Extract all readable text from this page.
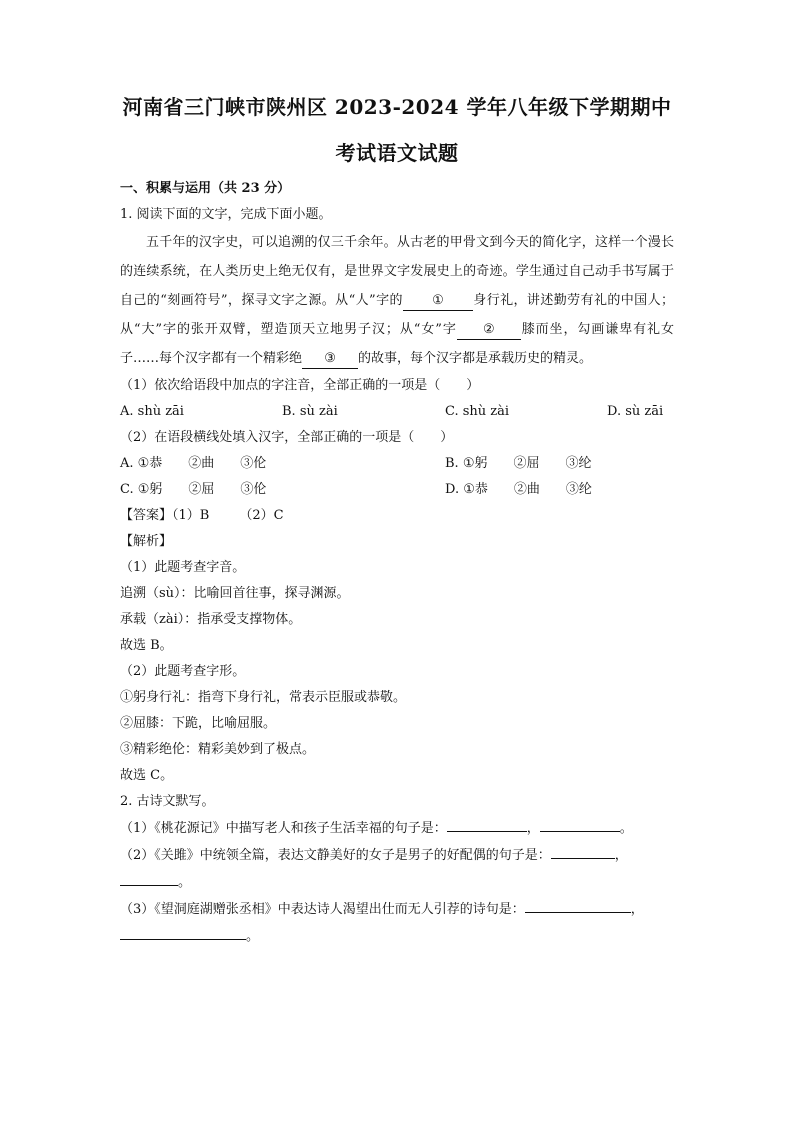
河南省三门峡市陕州区 2023-2024 学年八年级下学期期中
考试语文试题
一、积累与运用（共 23 分）

1. 阅读下面的文字，完成下面小题。

五千年的汉字史，可以追溯的仅三千余年。从古老的甲骨文到今天的简化字，这样一个漫长的连续系统，在人类历史上绝无仅有，是世界文字发展史上的奇迹。学生通过自己动手书写属于自己的“刻画符号”，探寻文字之源。从“人”字的 ① 身行礼，讲述勤劳有礼的中国人；从“大”字的张开双臂，塑造顶天立地男子汉；从“女”字 ② 膝而坐，勾画谦卑有礼女子……每个汉字都有一个精彩绝 ③ 的故事，每个汉字都是承载历史的精灵。

（1）依次给语段中加点的字注音，全部正确的一项是（　　）

A. shù zāi	B. sù zài	C. shù zài	D. sù zāi

（2）在语段横线处填入汉字，全部正确的一项是（　　）

A. ①恭　　②曲　　③伦	B. ①躬　　②屈　　③纶
C. ①躬　　②屈　　③伦	D. ①恭　　②曲　　③纶

【答案】（1）B （2）C

【解析】

（1）此题考查字音。

追溯（sù）：比喻回首往事，探寻渊源。

承载（zài）：指承受支撑物体。

故选 B。

（2）此题考查字形。

①躬身行礼：指弯下身行礼，常表示臣服或恭敬。

②屈膝：下跪，比喻屈服。

③精彩绝伦：精彩美妙到了极点。

故选 C。

2. 古诗文默写。

（1）《桃花源记》中描写老人和孩子生活幸福的句子是：	，	。

（2）《关雎》中统领全篇，表达文静美好的女子是男子的好配偶的句子是：	，
。

（3）《望洞庭湖赠张丞相》中表达诗人渴望出仕而无人引荐的诗句是：	，
。
